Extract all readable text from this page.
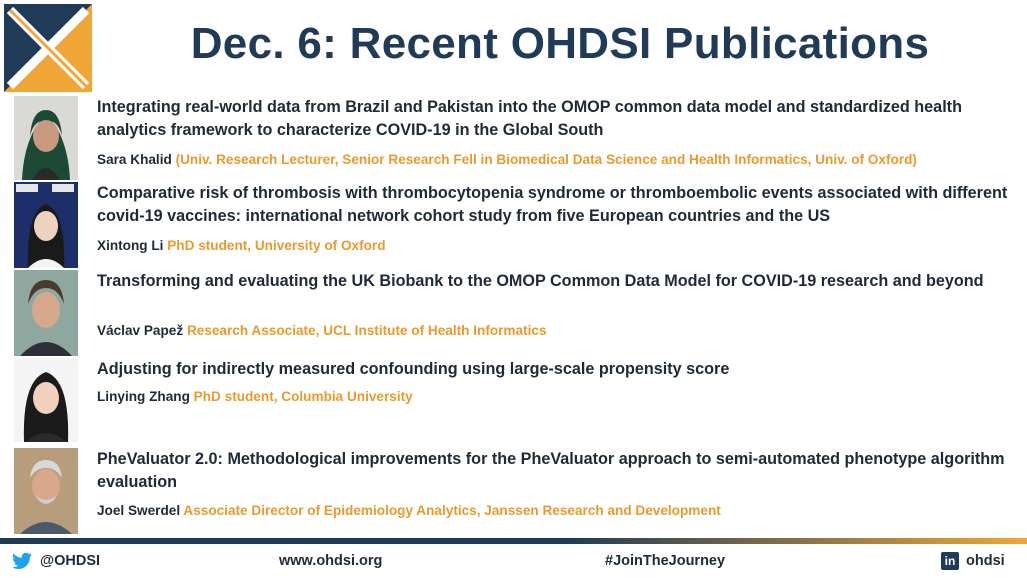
Dec. 6: Recent OHDSI Publications
Integrating real-world data from Brazil and Pakistan into the OMOP common data model and standardized health analytics framework to characterize COVID-19 in the Global South
Sara Khalid (Univ. Research Lecturer, Senior Research Fell in Biomedical Data Science and Health Informatics, Univ. of Oxford)
Comparative risk of thrombosis with thrombocytopenia syndrome or thromboembolic events associated with different covid-19 vaccines: international network cohort study from five European countries and the US
Xintong Li PhD student, University of Oxford
Transforming and evaluating the UK Biobank to the OMOP Common Data Model for COVID-19 research and beyond
Václav Papež Research Associate, UCL Institute of Health Informatics
Adjusting for indirectly measured confounding using large-scale propensity score
Linying Zhang PhD student, Columbia University
PheValuator 2.0: Methodological improvements for the PheValuator approach to semi-automated phenotype algorithm evaluation
Joel Swerdel Associate Director of Epidemiology Analytics, Janssen Research and Development
@OHDSI	www.ohdsi.org	#JoinTheJourney	in ohdsi
